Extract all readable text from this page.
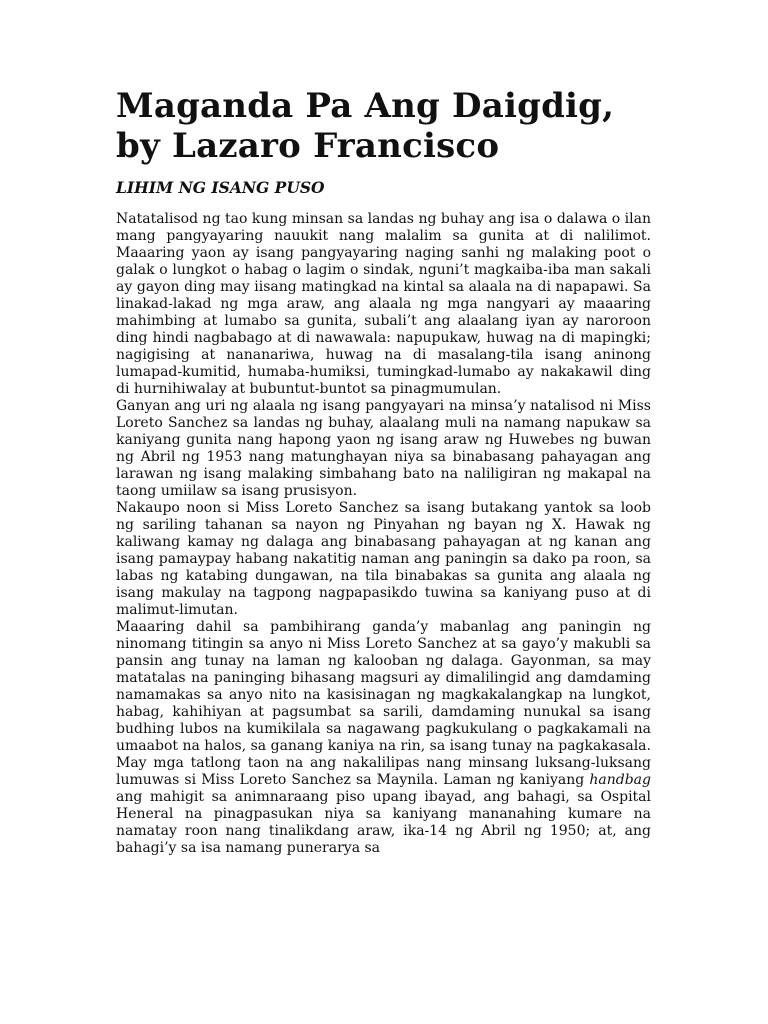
Maganda Pa Ang Daigdig,
by Lazaro Francisco
LIHIM NG ISANG PUSO

Natatalisod ng tao kung minsan sa landas ng buhay ang isa o dalawa o ilan mang pangyayaring nauukit nang malalim sa gunita at di nalilimot. Maaaring yaon ay isang pangyayaring naging sanhi ng malaking poot o galak o lungkot o habag o lagim o sindak, nguni’t magkaiba-iba man sakali ay gayon ding may iisang matingkad na kintal sa alaala na di napapawi. Sa linakad-lakad ng mga araw, ang alaala ng mga nangyari ay maaaring mahimbing at lumabo sa gunita, subali’t ang alaalang iyan ay naroroon ding hindi nagbabago at di nawawala: napupukaw, huwag na di mapingki; nagigising at nananariwa, huwag na di masalang-tila isang aninong lumapad-kumitid, humaba-humiksi, tumingkad-lumabo ay nakakawil ding di hurnihiwalay at bubuntut-buntot sa pinagmumulan.

Ganyan ang uri ng alaala ng isang pangyayari na minsa’y natalisod ni Miss Loreto Sanchez sa landas ng buhay, alaalang muli na namang napukaw sa kaniyang gunita nang hapong yaon ng isang araw ng Huwebes ng buwan ng Abril ng 1953 nang matunghayan niya sa binabasang pahayagan ang larawan ng isang malaking simbahang bato na naliligiran ng makapal na taong umiilaw sa isang prusisyon.

Nakaupo noon si Miss Loreto Sanchez sa isang butakang yantok sa loob ng sariling tahanan sa nayon ng Pinyahan ng bayan ng X. Hawak ng kaliwang kamay ng dalaga ang binabasang pahayagan at ng kanan ang isang pamaypay habang nakatitig naman ang paningin sa dako pa roon, sa labas ng katabing dungawan, na tila binabakas sa gunita ang alaala ng isang makulay na tagpong nagpapasikdo tuwina sa kaniyang puso at di malimut-limutan.

Maaaring dahil sa pambihirang ganda’y mabanlag ang paningin ng ninomang titingin sa anyo ni Miss Loreto Sanchez at sa gayo’y makubli sa pansin ang tunay na laman ng kalooban ng dalaga. Gayonman, sa may matatalas na paninging bihasang magsuri ay dimalilingid ang damdaming namamakas sa anyo nito na kasisinagan ng magkakalangkap na lungkot, habag, kahihiyan at pagsumbat sa sarili, damdaming nunukal sa isang budhing lubos na kumikilala sa nagawang pagkukulang o pagkakamali na umaabot na halos, sa ganang kaniya na rin, sa isang tunay na pagkakasala.

May mga tatlong taon na ang nakalilipas nang minsang luksang-luksang lumuwas si Miss Loreto Sanchez sa Maynila. Laman ng kaniyang handbag ang mahigit sa animnaraang piso upang ibayad, ang bahagi, sa Ospital Heneral na pinagpasukan niya sa kaniyang mananahing kumare na namatay roon nang tinalikdang araw, ika-14 ng Abril ng 1950; at, ang bahagi’y sa isa namang punerarya sa
